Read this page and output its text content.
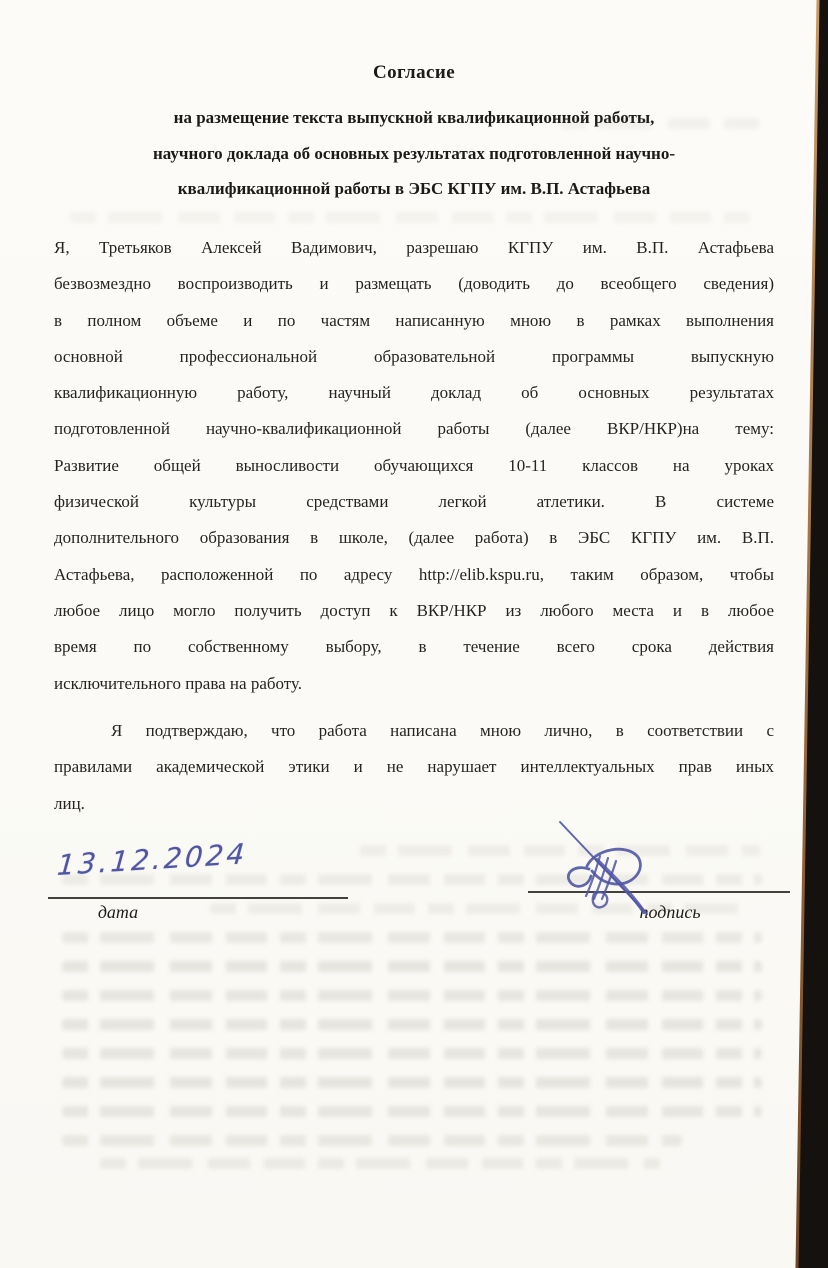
Согласие
на размещение текста выпускной квалификационной работы,
научного доклада об основных результатах подготовленной научно-
квалификационной работы в ЭБС КГПУ им. В.П. Астафьева
Я, Третьяков Алексей Вадимович, разрешаю КГПУ им. В.П. Астафьева
безвозмездно воспроизводить и размещать (доводить до всеобщего сведения)
в полном объеме и по частям написанную мною в рамках выполнения
основной профессиональной образовательной программы выпускную
квалификационную работу, научный доклад об основных результатах
подготовленной научно-квалификационной работы (далее ВКР/НКР)на тему:
Развитие общей выносливости обучающихся 10-11 классов на уроках
физической культуры средствами легкой атлетики. В системе
дополнительного образования в школе, (далее работа) в ЭБС КГПУ им. В.П.
Астафьева, расположенной по адресу http://elib.kspu.ru, таким образом, чтобы
любое лицо могло получить доступ к ВКР/НКР из любого места и в любое
время по собственному выбору, в течение всего срока действия
исключительного права на работу.
Я подтверждаю, что работа написана мною лично, в соответствии с
правилами академической этики и не нарушает интеллектуальных прав иных
лиц.
13.12.2024
дата	подпись
